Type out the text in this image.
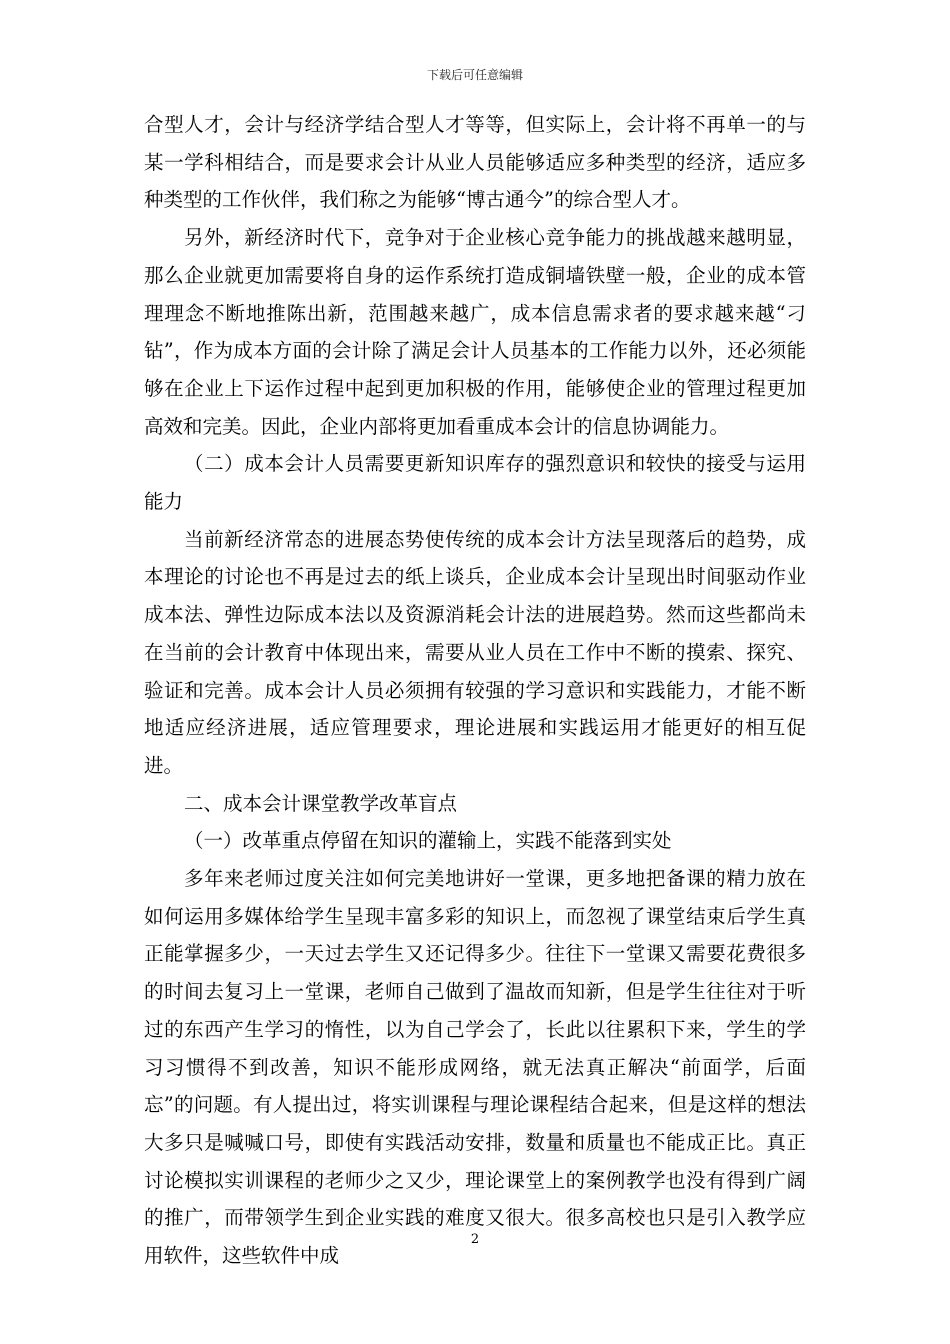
下载后可任意编辑

合型人才，会计与经济学结合型人才等等，但实际上，会计将不再单一的与某一学科相结合，而是要求会计从业人员能够适应多种类型的经济，适应多种类型的工作伙伴，我们称之为能够“博古通今”的综合型人才。

另外，新经济时代下，竞争对于企业核心竞争能力的挑战越来越明显，那么企业就更加需要将自身的运作系统打造成铜墙铁壁一般，企业的成本管理理念不断地推陈出新，范围越来越广，成本信息需求者的要求越来越“刁钻”，作为成本方面的会计除了满足会计人员基本的工作能力以外，还必须能够在企业上下运作过程中起到更加积极的作用，能够使企业的管理过程更加高效和完美。因此，企业内部将更加看重成本会计的信息协调能力。

（二）成本会计人员需要更新知识库存的强烈意识和较快的接受与运用能力

当前新经济常态的进展态势使传统的成本会计方法呈现落后的趋势，成本理论的讨论也不再是过去的纸上谈兵，企业成本会计呈现出时间驱动作业成本法、弹性边际成本法以及资源消耗会计法的进展趋势。然而这些都尚未在当前的会计教育中体现出来，需要从业人员在工作中不断的摸索、探究、验证和完善。成本会计人员必须拥有较强的学习意识和实践能力，才能不断地适应经济进展，适应管理要求，理论进展和实践运用才能更好的相互促进。

二、成本会计课堂教学改革盲点

（一）改革重点停留在知识的灌输上，实践不能落到实处

多年来老师过度关注如何完美地讲好一堂课，更多地把备课的精力放在如何运用多媒体给学生呈现丰富多彩的知识上，而忽视了课堂结束后学生真正能掌握多少，一天过去学生又还记得多少。往往下一堂课又需要花费很多的时间去复习上一堂课，老师自己做到了温故而知新，但是学生往往对于听过的东西产生学习的惰性，以为自己学会了，长此以往累积下来，学生的学习习惯得不到改善，知识不能形成网络，就无法真正解决“前面学，后面忘”的问题。有人提出过，将实训课程与理论课程结合起来，但是这样的想法大多只是喊喊口号，即使有实践活动安排，数量和质量也不能成正比。真正讨论模拟实训课程的老师少之又少，理论课堂上的案例教学也没有得到广阔的推广，而带领学生到企业实践的难度又很大。很多高校也只是引入教学应用软件，这些软件中成

2
